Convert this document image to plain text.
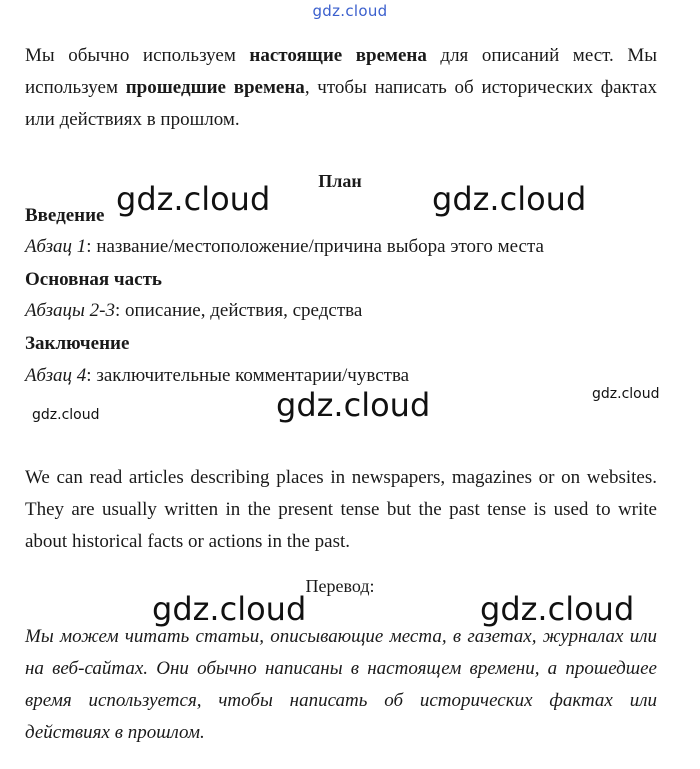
gdz.cloud

Мы обычно используем настоящие времена для описаний мест. Мы используем прошедшие времена, чтобы написать об исторических фактах или действиях в прошлом.

План
Введение
Абзац 1: название/местоположение/причина выбора этого места
Основная часть
Абзацы 2-3: описание, действия, средства
Заключение
Абзац 4: заключительные комментарии/чувства

We can read articles describing places in newspapers, magazines or on websites. They are usually written in the present tense but the past tense is used to write about historical facts or actions in the past.

Перевод:

Мы можем читать статьи, описывающие места, в газетах, журналах или на веб-сайтах. Они обычно написаны в настоящем времени, а прошедшее время используется, чтобы написать об исторических фактах или действиях в прошлом.

gdz.cloud	gdz.cloud
gdz.cloud	gdz.cloud
gdz.cloud
gdz.cloud	gdz.cloud
